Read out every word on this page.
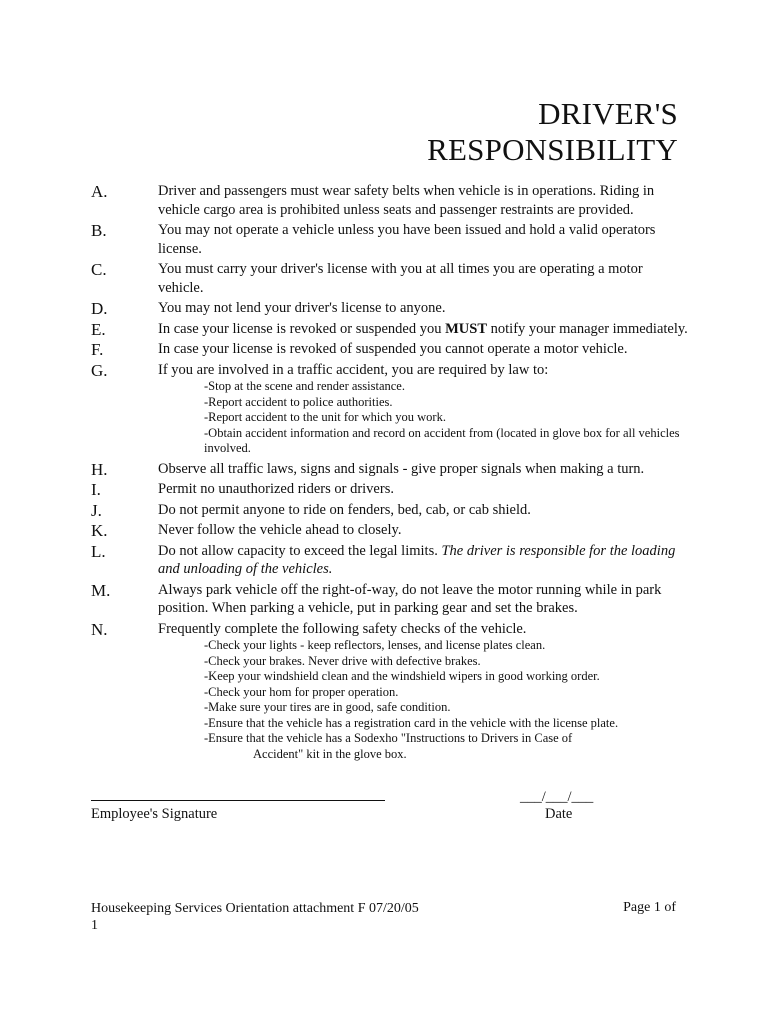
DRIVER'S
RESPONSIBILITY
A.	Driver and passengers must wear safety belts when vehicle is in operations. Riding in vehicle cargo area is prohibited unless seats and passenger restraints are provided.
B.	You may not operate a vehicle unless you have been issued and hold a valid operators license.
C.	You must carry your driver's license with you at all times you are operating a motor vehicle.
D.	You may not lend your driver's license to anyone.
E.	In case your license is revoked or suspended you MUST notify your manager immediately.
F.	In case your license is revoked of suspended you cannot operate a motor vehicle.
G.	If you are involved in a traffic accident, you are required by law to:
-Stop at the scene and render assistance.
-Report accident to police authorities.
-Report accident to the unit for which you work.
-Obtain accident information and record on accident from (located in glove box for all vehicles involved.
H.	Observe all traffic laws, signs and signals - give proper signals when making a turn.
I.	Permit no unauthorized riders or drivers.
J.	Do not permit anyone to ride on fenders, bed, cab, or cab shield.
K.	Never follow the vehicle ahead to closely.
L.	Do not allow capacity to exceed the legal limits. The driver is responsible for the loading and unloading of the vehicles.
M.	Always park vehicle off the right-of-way, do not leave the motor running while in park position. When parking a vehicle, put in parking gear and set the brakes.
N.	Frequently complete the following safety checks of the vehicle.
-Check your lights - keep reflectors, lenses, and license plates clean.
-Check your brakes. Never drive with defective brakes.
-Keep your windshield clean and the windshield wipers in good working order.
-Check your hom for proper operation.
-Make sure your tires are in good, safe condition.
-Ensure that the vehicle has a registration card in the vehicle with the license plate.
-Ensure that the vehicle has a Sodexho "Instructions to Drivers in Case of
Accident" kit in the glove box.
Employee's Signature
___/___/___
Date
Housekeeping Services Orientation attachment F 07/20/05
1
Page 1 of
